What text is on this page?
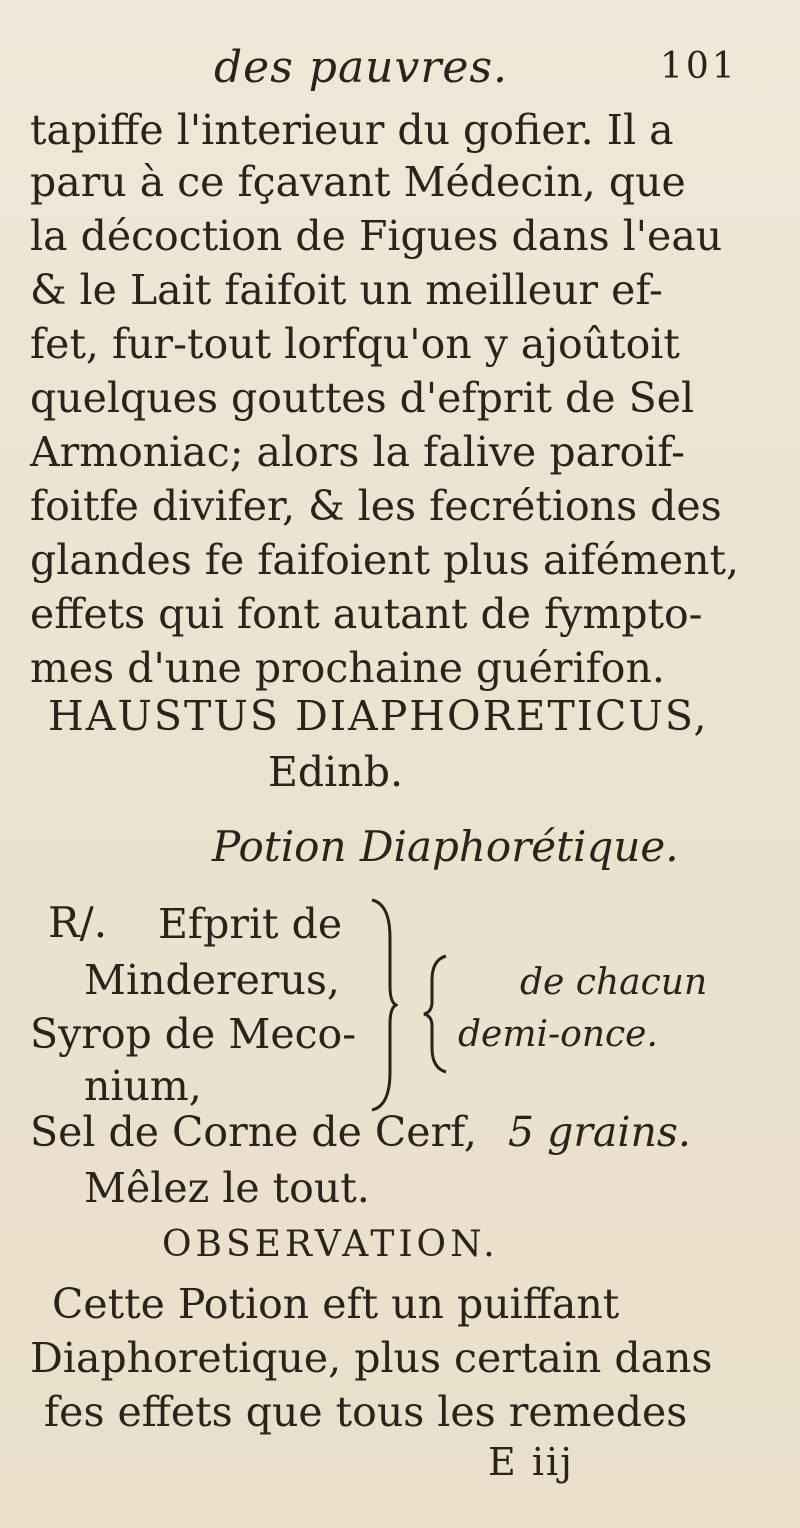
des pauvres.	101
tapiffe l'interieur du gofier. Il a
paru à ce fçavant Médecin, que
la décoction de Figues dans l'eau
& le Lait faifoit un meilleur ef-
fet, fur-tout lorfqu'on y ajoûtoit
quelques gouttes d'efprit de Sel
Armoniac; alors la falive paroif-
foitfe divifer, & les fecrétions des
glandes fe faifoient plus aifément,
effets qui font autant de fympto-
mes d'une prochaine guérifon.
HAUSTUS DIAPHORETICUS,
Edinb.
Potion Diaphorétique.
R/. Efprit de
Mindererus,
Syrop de Meco-
nium,
de chacun
demi-once.
Sel de Corne de Cerf, 5 grains.
Mêlez le tout.
OBSERVATION.
Cette Potion eft un puiffant
Diaphoretique, plus certain dans
fes effets que tous les remedes
E iij
